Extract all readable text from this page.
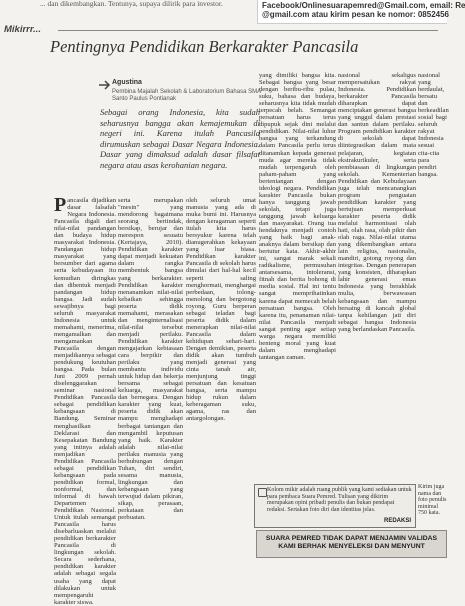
... dan dikembangkan. Tentunya, supaya dilirik para investor.	Facebook/Onlinesuarapemred@Gmail.com, email: Re
@gmail.com atau kirim pesan ke nomor: 0852456
Mikirrr...
Pentingnya Pendidikan Berkarakter Pancasila
Agustina
Pembina Majalah Sekolah & Laboratorium Bahasa SMA Santo Paulus Pontianak
Sebagai orang Indonesia, kita sudah seharusnya bangga akan kemajemukan di negeri ini. Karena itulah Pancasila dirumuskan sebagai Dasar Negara Indonesia. Dasar yang dimaksud adalah dasar filsafat negara atau asas kerohanian negara.
Pancasila dijadikan dasar falsafah Negara Indonesia. Pancasila digali dari nilai-nilai pandangan dan budaya hidup masyarakat Indonesia. Pandangan hidup masyarakat yang bersumber dari agama serta kebudayaan itu kemudian diringkas dan dibentuk menjadi pandangan hidup bangsa. Jadi sudah sewajibnya bagi seluruh masyarakat Indonesia untuk memahami, menerima, mengamalkan dan mengamankan Pancasila dengan menjadikannya sebagai pendukung keutuhan bangsa. Pada bulan Juni 2009 pernah diselenggarakan seminar nasional Pendidikan Pancasila sebagai pendidikan kebangsaan di Bandung. Seminar menghasilkan Deklarasi dan Kesepakatan Bandung yang intinya adalah menjadikan Pendidikan Pancasila sebagai pendidikan kebangsaan pada pendidikan formal, nonformal, dan informal di bawah Departemen Pendidikan Nasional. Untuk itulah semangat Pancasila harus disebarluaskan melalui pendidikan berkarakter Pancasila di lingkungan sekolah. Secara sederhana, pendidikan karakter adalah sebagai segala usaha yang dapat dilakukan untuk mempengaruhi karakter siswa.
serta merupakan "mesin" yang mendorong bagaimana seorang bertindak, bersikap, berujar dan merespon sesuatu (Kertajaya, 2010). Pendidikan karakter dapat menjadi kekuatan dalam rangka membentuk bangsa yang berkarakter. Pendidikan karakter menanamkan nilai-nilai kebaikan sehingga peserta didik memahami, merasakan dan menginternalisasi nilai-nilai tersebut menjadi perilaku. Pendidikan karakter mengajarkan kebiasaan cara berpikir dan perilaku yang membantu individu untuk hidup dan bekerja bersama sebagai keluarga, masyarakat dan bernegara. Dengan karakter yang kuat, peserta didik akan mampu menghadapi berbagai tantangan dan mengambil keputusan yang baik. Karakter adalah nilai-nilai perilaku manusia yang berhubungan dengan Tuhan, diri sendiri, sesama manusia, lingkungan dan kebangsaan yang terwujud dalam pikiran, sikap, perasaan, perkataan dan perbuatan.
oleh seluruh umat manusia yang ada di muka bumi ini. Harusnya dengan keragaman seperti itulah kita harus bersyukur karena telah dianugerahkan kekayaan yang luar biasa. Pendidikan karakter Pancasila di sekolah harus dimulai dari hal-hal kecil seperti saling menghormati, menghargai perbedaan, tolong-menolong dan bergotong royong. Guru berperan sebagai teladan bagi peserta didik dalam menerapkan nilai-nilai Pancasila dalam kehidupan sehari-hari. Dengan demikian, peserta didik akan tumbuh menjadi generasi yang cinta tanah air, menjunjung tinggi persatuan dan kesatuan bangsa, serta mampu hidup rukun dalam keberagaman suku, agama, ras dan antargolongan.
yang dimiliki bangsa kita. Sebagai bangsa yang besar dengan beribu-ribu pulau, suku, bahasa dan budaya, seharusnya kita tidak mudah terpecah belah. Semangat persatuan harus terus dipupuk sejak dini melalui pendidikan. Nilai-nilai luhur bangsa yang terkandung dalam Pancasila perlu terus ditanamkan kepada generasi muda agar mereka tidak mudah terpengaruh oleh paham-paham yang bertentangan dengan ideologi negara. Pendidikan karakter Pancasila bukan hanya tanggung jawab sekolah, tetapi juga tanggung jawab keluarga dan masyarakat. Orang tua hendaknya menjadi contoh yang baik bagi anak-anaknya dalam bersikap dan bertutur kata. Akhir-akhir ini, sangat marak sekali radikalisme, permusuhan antarsesama, intoleransi, fitnah dan berita bohong di media sosial. Hal ini tentu sangat memprihatinkan karena dapat memecah belah persatuan bangsa. Oleh karena itu, penanaman nilai-nilai Pancasila menjadi sangat penting agar setiap warga negara memiliki benteng moral yang kuat dalam menghadapi tantangan zaman.
nasional sekaligus mempersatukan rakyat Indonesia. Pendidikan berkarakter Pancasila diharapkan dapat menciptakan generasi bangsa yang unggul dalam prestasi dan santun dalam perilaku. Program pendidikan karakter di sekolah dapat diintegrasikan dalam mata pelajaran, kegiatan ekstrakurikuler, serta pembiasaan di lingkungan sekolah. Kementerian Pendidikan dan Kebudayaan juga telah mencanangkan program penguatan pendidikan karakter yang bertujuan memperkuat karakter peserta didik melalui harmonisasi olah hati, olah rasa, olah pikir dan olah raga. Nilai-nilai utama yang dikembangkan antara lain religius, nasionalis, mandiri, gotong royong dan integritas. Dengan penerapan yang konsisten, diharapkan lahir generasi emas Indonesia yang berakhlak mulia, berwawasan kebangsaan dan mampu bersaing di kancah global tanpa kehilangan jati diri sebagai bangsa Indonesia yang berlandaskan Pancasila.
nasional yang berdaulat, bersatu dan berkeadilan sosial bagi seluruh rakyat Indonesia sesuai cita-cita para pendiri bangsa.
Kolom mikir adalah ruang publik yang kami sediakan untuk para pembaca Suara Pemred. Tulisan yang dikirim merupakan opini pribadi penulis dan bukan pendapat redaksi. Sertakan foto diri dan identitas jelas.
REDAKSI
Kirim juga nama dan foto penulis minimal 750 kata.
SUARA PEMRED TIDAK DAPAT MENJAMIN VALIDAS
KAMI BERHAK MENYELEKSI DAN MENYUNT
